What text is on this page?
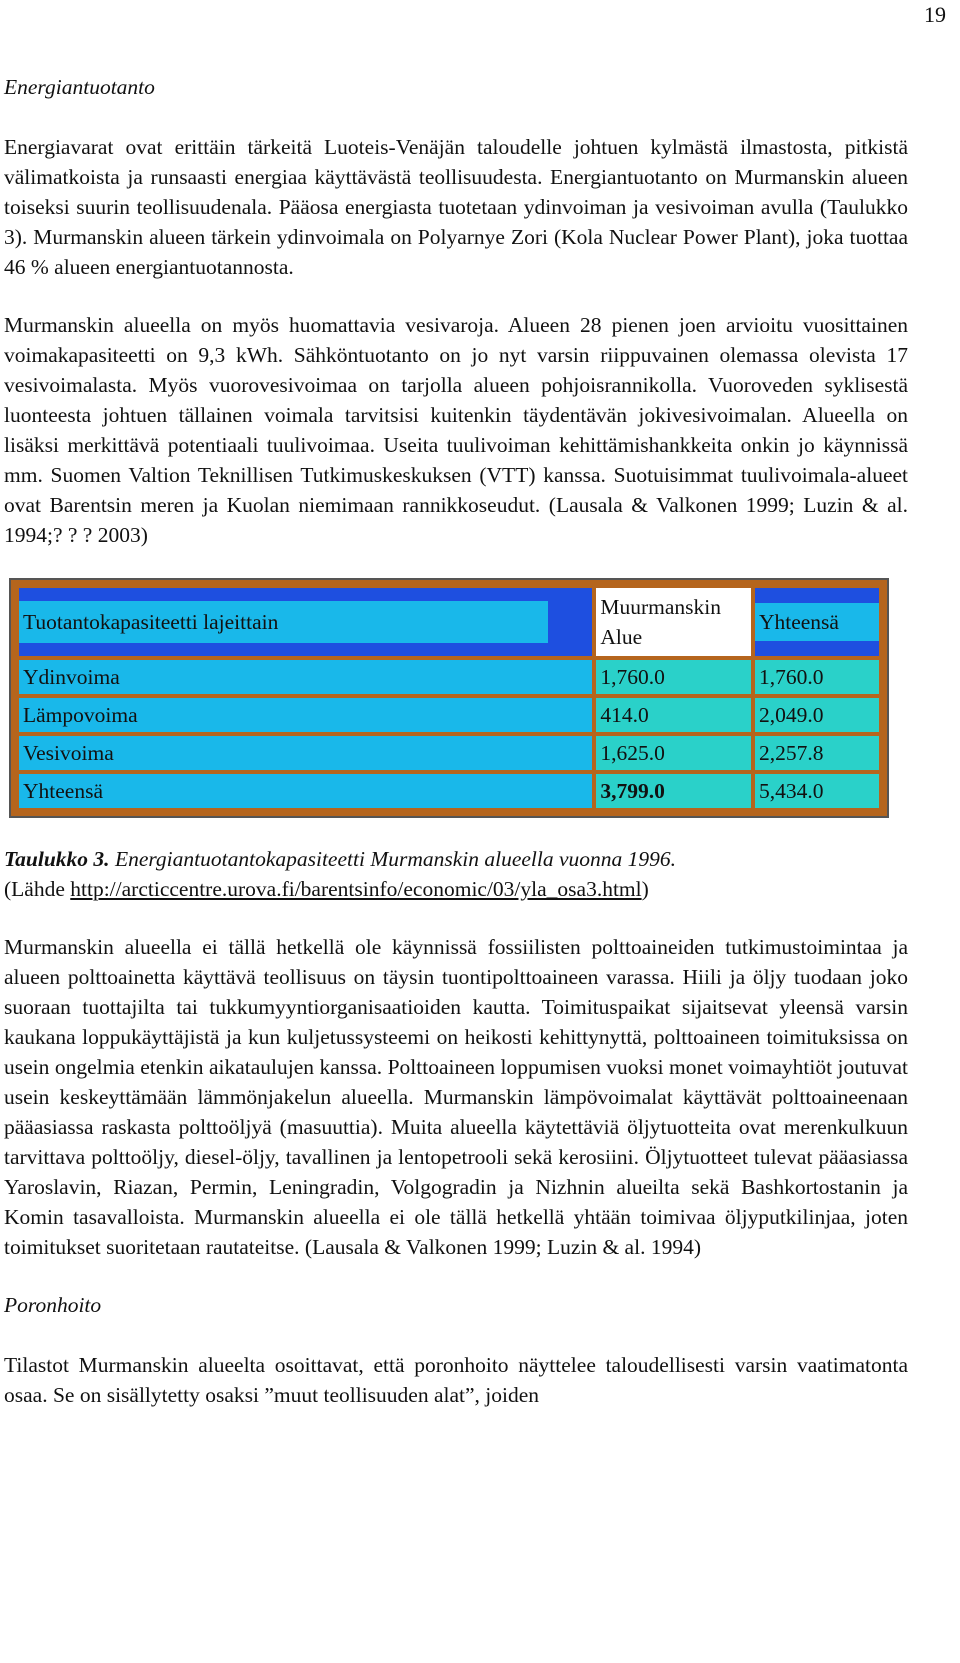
19

Energiantuotanto

Energiavarat ovat erittäin tärkeitä Luoteis-Venäjän taloudelle johtuen kylmästä ilmastosta, pitkistä välimatkoista ja runsaasti energiaa käyttävästä teollisuudesta. Energiantuotanto on Murmanskin alueen toiseksi suurin teollisuudenala. Pääosa energiasta tuotetaan ydinvoiman ja vesivoiman avulla (Taulukko 3). Murmanskin alueen tärkein ydinvoimala on Polyarnye Zori (Kola Nuclear Power Plant), joka tuottaa 46 % alueen energiantuotannosta.

Murmanskin alueella on myös huomattavia vesivaroja. Alueen 28 pienen joen arvioitu vuosittainen voimakapasiteetti on 9,3 kWh. Sähköntuotanto on jo nyt varsin riippuvainen olemassa olevista 17 vesivoimalasta. Myös vuorovesivoimaa on tarjolla alueen pohjoisrannikolla. Vuoroveden syklisestä luonteesta johtuen tällainen voimala tarvitsisi kuitenkin täydentävän jokivesivoimalan. Alueella on lisäksi merkittävä potentiaali tuulivoimaa. Useita tuulivoiman kehittämishankkeita onkin jo käynnissä mm. Suomen Valtion Teknillisen Tutkimuskeskuksen (VTT) kanssa. Suotuisimmat tuulivoimala-alueet ovat Barentsin meren ja Kuolan niemimaan rannikkoseudut. (Lausala & Valkonen 1999; Luzin & al. 1994;? ? ? 2003)

Tuotantokapasiteetti lajeittain	Muurmanskin Alue	Yhteensä

Ydinvoima	1,760.0	1,760.0
Lämpovoima	414.0	2,049.0
Vesivoima	1,625.0	2,257.8
Yhteensä	3,799.0	5,434.0
Taulukko 3. Energiantuotantokapasiteetti Murmanskin alueella vuonna 1996.
(Lähde http://arcticcentre.urova.fi/barentsinfo/economic/03/yla_osa3.html)

Murmanskin alueella ei tällä hetkellä ole käynnissä fossiilisten polttoaineiden tutkimustoimintaa ja alueen polttoainetta käyttävä teollisuus on täysin tuontipolttoaineen varassa. Hiili ja öljy tuodaan joko suoraan tuottajilta tai tukkumyyntiorganisaatioiden kautta. Toimituspaikat sijaitsevat yleensä varsin kaukana loppukäyttäjistä ja kun kuljetussysteemi on heikosti kehittynyttä, polttoaineen toimituksissa on usein ongelmia etenkin aikataulujen kanssa. Polttoaineen loppumisen vuoksi monet voimayhtiöt joutuvat usein keskeyttämään lämmönjakelun alueella. Murmanskin lämpövoimalat käyttävät polttoaineenaan pääasiassa raskasta polttoöljyä (masuuttia). Muita alueella käytettäviä öljytuotteita ovat merenkulkuun tarvittava polttoöljy, diesel-öljy, tavallinen ja lentopetrooli sekä kerosiini. Öljytuotteet tulevat pääasiassa Yaroslavin, Riazan, Permin, Leningradin, Volgogradin ja Nizhnin alueilta sekä Bashkortostanin ja Komin tasavalloista. Murmanskin alueella ei ole tällä hetkellä yhtään toimivaa öljyputkilinjaa, joten toimitukset suoritetaan rautateitse. (Lausala & Valkonen 1999; Luzin & al. 1994)

Poronhoito

Tilastot Murmanskin alueelta osoittavat, että poronhoito näyttelee taloudellisesti varsin vaatimatonta osaa. Se on sisällytetty osaksi ”muut teollisuuden alat”, joiden
